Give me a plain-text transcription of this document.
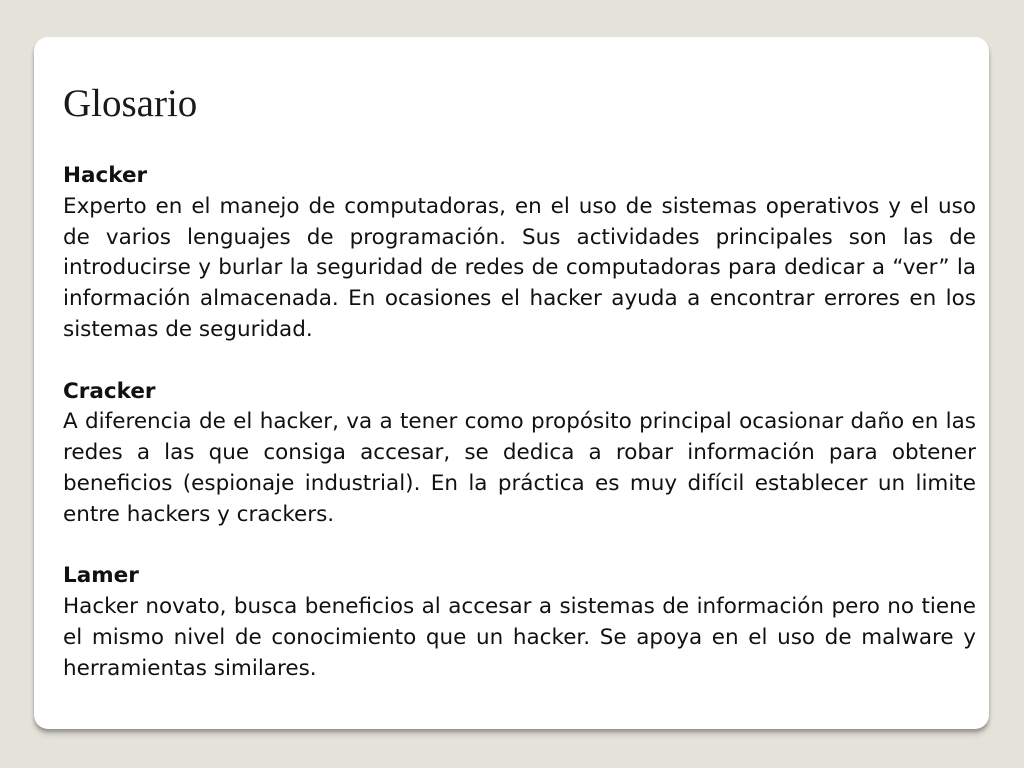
Glosario

Hacker

Experto en el manejo de computadoras, en el uso de sistemas operativos y el uso de varios lenguajes de programación. Sus actividades principales son las de introducirse y burlar la seguridad de redes de computadoras para dedicar a “ver” la información almacenada. En ocasiones el hacker ayuda a encontrar errores en los sistemas de seguridad.

Cracker

A diferencia de el hacker, va a tener como propósito principal ocasionar daño en las redes a las que consiga accesar, se dedica a robar información para obtener beneficios (espionaje industrial). En la práctica es muy difícil establecer un limite entre hackers y crackers.

Lamer

Hacker novato, busca beneficios al accesar a sistemas de información pero no tiene el mismo nivel de conocimiento que un hacker. Se apoya en el uso de malware y herramientas similares.
